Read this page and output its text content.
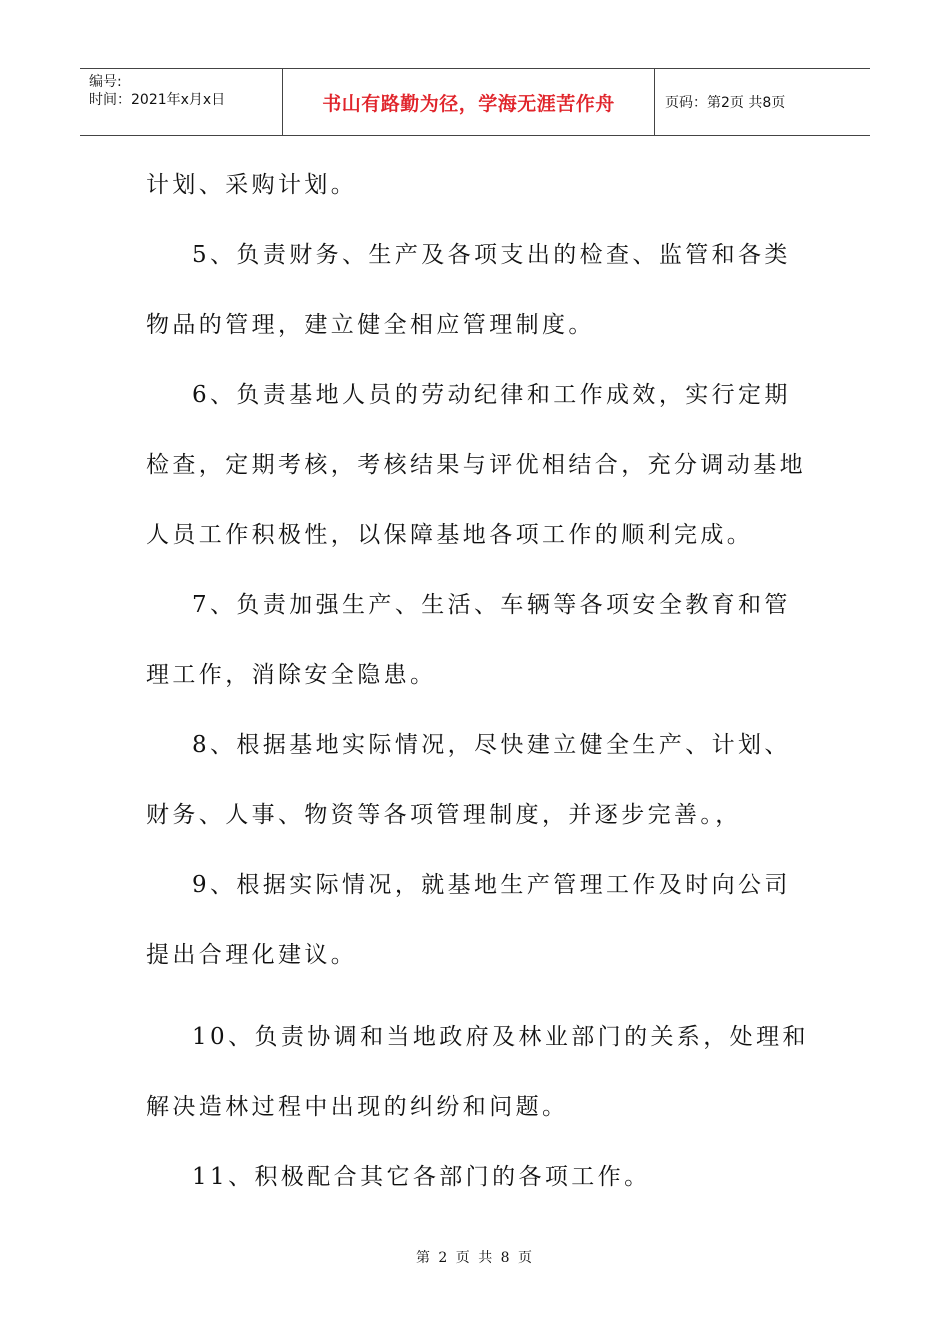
编号:
时间：2021年x月x日	书山有路勤为径，学海无涯苦作舟	页码：第2页 共8页

计划、采购计划。

5、负责财务、生产及各项支出的检查、监管和各类物品的管理，建立健全相应管理制度。

6、负责基地人员的劳动纪律和工作成效，实行定期检查，定期考核，考核结果与评优相结合，充分调动基地人员工作积极性，以保障基地各项工作的顺利完成。

7、负责加强生产、生活、车辆等各项安全教育和管理工作，消除安全隐患。

8、根据基地实际情况，尽快建立健全生产、计划、财务、人事、物资等各项管理制度，并逐步完善。，

9、根据实际情况，就基地生产管理工作及时向公司提出合理化建议。

10、负责协调和当地政府及林业部门的关系，处理和解决造林过程中出现的纠纷和问题。

11、积极配合其它各部门的各项工作。

第 2 页 共 8 页
